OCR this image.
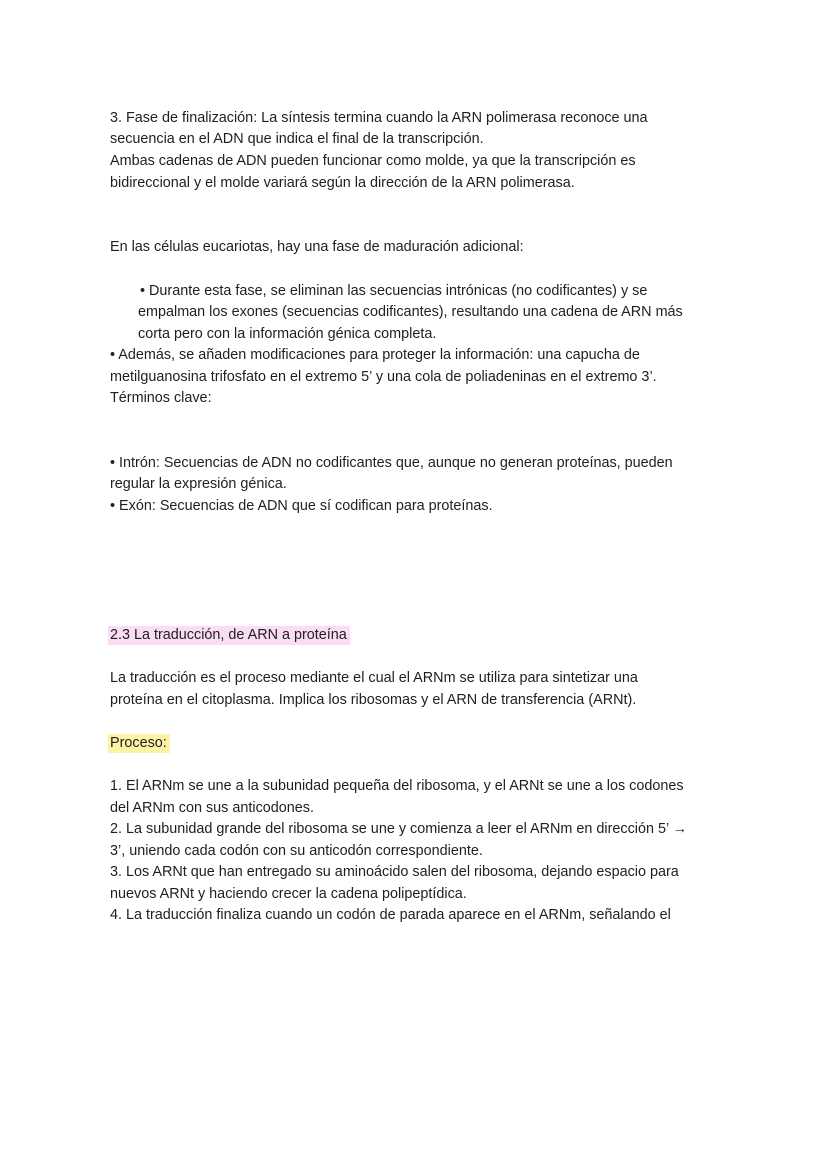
3. Fase de finalización: La síntesis termina cuando la ARN polimerasa reconoce una

secuencia en el ADN que indica el final de la transcripción.

Ambas cadenas de ADN pueden funcionar como molde, ya que la transcripción es

bidireccional y el molde variará según la dirección de la ARN polimerasa.

En las células eucariotas, hay una fase de maduración adicional:

• Durante esta fase, se eliminan las secuencias intrónicas (no codificantes) y se

empalman los exones (secuencias codificantes), resultando una cadena de ARN más

corta pero con la información génica completa.

• Además, se añaden modificaciones para proteger la información: una capucha de

metilguanosina trifosfato en el extremo 5’ y una cola de poliadeninas en el extremo 3’.

Términos clave:

• Intrón: Secuencias de ADN no codificantes que, aunque no generan proteínas, pueden

regular la expresión génica.

• Exón: Secuencias de ADN que sí codifican para proteínas.

2.3 La traducción, de ARN a proteína

La traducción es el proceso mediante el cual el ARNm se utiliza para sintetizar una

proteína en el citoplasma. Implica los ribosomas y el ARN de transferencia (ARNt).

Proceso:

1. El ARNm se une a la subunidad pequeña del ribosoma, y el ARNt se une a los codones

del ARNm con sus anticodones.

2. La subunidad grande del ribosoma se une y comienza a leer el ARNm en dirección 5’ →

3’, uniendo cada codón con su anticodón correspondiente.

3. Los ARNt que han entregado su aminoácido salen del ribosoma, dejando espacio para

nuevos ARNt y haciendo crecer la cadena polipeptídica.

4. La traducción finaliza cuando un codón de parada aparece en el ARNm, señalando el
